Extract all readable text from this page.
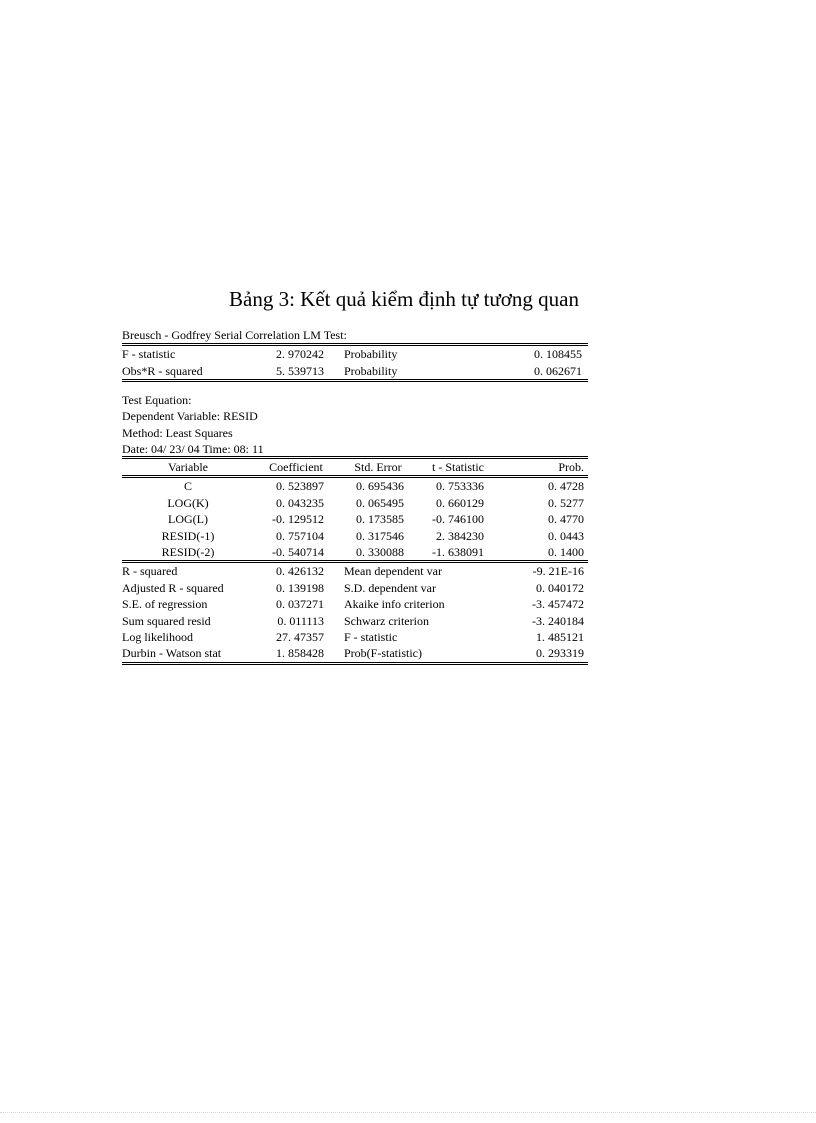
Bảng 3: Kết quả kiểm định tự tương quan
Breusch - Godfrey Serial Correlation LM Test:
F - statistic	2. 970242 Probability	0. 108455
Obs*R - squared	5. 539713 Probability	0. 062671
Test Equation:
Dependent Variable: RESID
Method: Least Squares
Date: 04/ 23/ 04 Time: 08: 11
Variable	Coefficient	Std. Error	t - Statistic	Prob.
C	0. 523897	0. 695436	0. 753336	0. 4728
LOG(K)	0. 043235	0. 065495	0. 660129	0. 5277
LOG(L)	-0. 129512	0. 173585	-0. 746100	0. 4770
RESID(-1)	0. 757104	0. 317546	2. 384230	0. 0443
RESID(-2)	-0. 540714	0. 330088	-1. 638091	0. 1400
R - squared	0. 426132 Mean dependent var	-9. 21E-16
Adjusted R - squared	0. 139198 S.D. dependent var	0. 040172
S.E. of regression	0. 037271 Akaike info criterion	-3. 457472
Sum squared resid	0. 011113 Schwarz criterion	-3. 240184
Log likelihood	27. 47357 F - statistic	1. 485121
Durbin - Watson stat	1. 858428 Prob(F-statistic)	0. 293319
